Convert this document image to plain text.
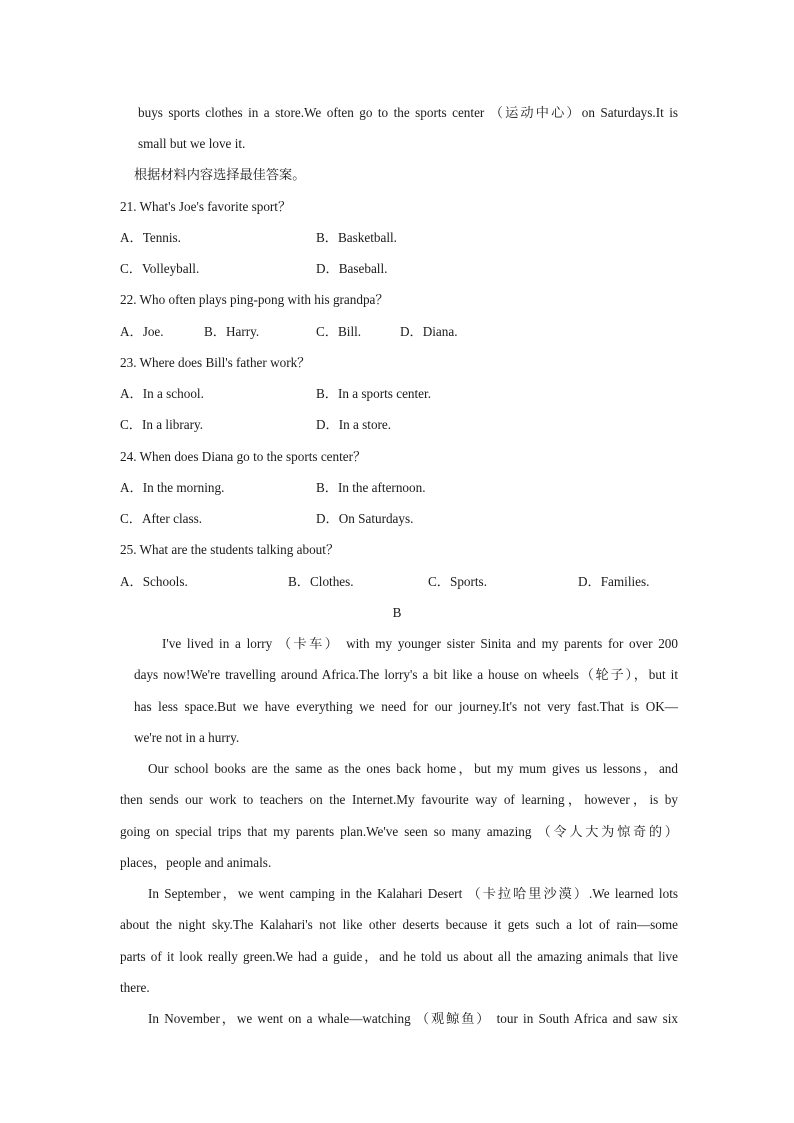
buys sports clothes in a store.We often go to the sports center （运动中心）on Saturdays.It is
small but we love it.
根据材料内容选择最佳答案。
21. What's Joe's favorite sport？
A．Tennis.	B．Basketball.
C．Volleyball.	D．Baseball.
22. Who often plays ping-pong with his grandpa？
A．Joe.	B．Harry.	C．Bill.	D．Diana.
23. Where does Bill's father work？
A．In a school.	B．In a sports center.
C．In a library.	D．In a store.
24. When does Diana go to the sports center？
A．In the morning.	B．In the afternoon.
C．After class.	D．On Saturdays.
25. What are the students talking about？
A．Schools.	B．Clothes.	C．Sports.	D．Families.
B
I've lived in a lorry （卡车） with my younger sister Sinita and my parents for over 200
days now!We're travelling around Africa.The lorry's a bit like a house on wheels（轮子），but it
has less space.But we have everything we need for our journey.It's not very fast.That is OK—
we're not in a hurry.
Our school books are the same as the ones back home，but my mum gives us lessons，and
then sends our work to teachers on the Internet.My favourite way of learning，however，is by
going on special trips that my parents plan.We've seen so many amazing （令人大为惊奇的）
places，people and animals.
In September，we went camping in the Kalahari Desert （卡拉哈里沙漠）.We learned lots
about the night sky.The Kalahari's not like other deserts because it gets such a lot of rain—some
parts of it look really green.We had a guide，and he told us about all the amazing animals that live
there.
In November，we went on a whale—watching （观鲸鱼） tour in South Africa and saw six
